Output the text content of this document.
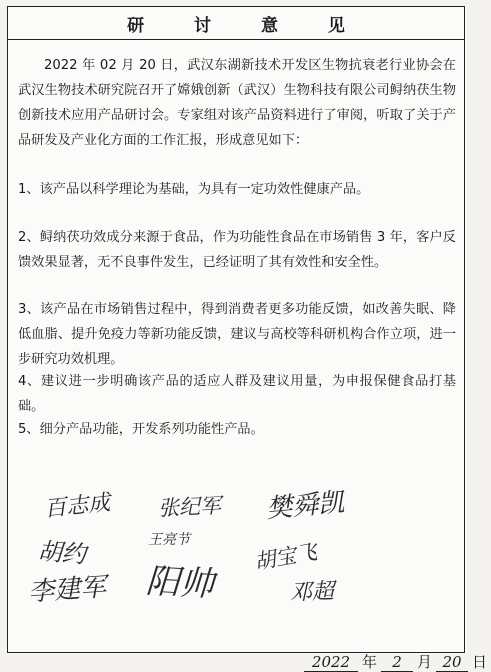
研 讨 意 见

2022 年 02 月 20 日，武汉东湖新技术开发区生物抗衰老行业协会在武汉生物技术研究院召开了嫦娥创新（武汉）生物科技有限公司鲟纳茯生物创新技术应用产品研讨会。专家组对该产品资料进行了审阅，听取了关于产品研发及产业化方面的工作汇报，形成意见如下：

1、该产品以科学理论为基础，为具有一定功效性健康产品。

2、鲟纳茯功效成分来源于食品，作为功能性食品在市场销售 3 年，客户反馈效果显著，无不良事件发生，已经证明了其有效性和安全性。

3、该产品在市场销售过程中，得到消费者更多功能反馈，如改善失眠、降低血脂、提升免疫力等新功能反馈，建议与高校等科研机构合作立项，进一步研究功效机理。

4、建议进一步明确该产品的适应人群及建议用量，为申报保健食品打基础。

5、细分产品功能，开发系列功能性产品。

百志成 张纪军 樊舜凯
胡约	王亮节
李建军 阳帅
胡宝飞
邓超
2022 年 2 月 20 日
